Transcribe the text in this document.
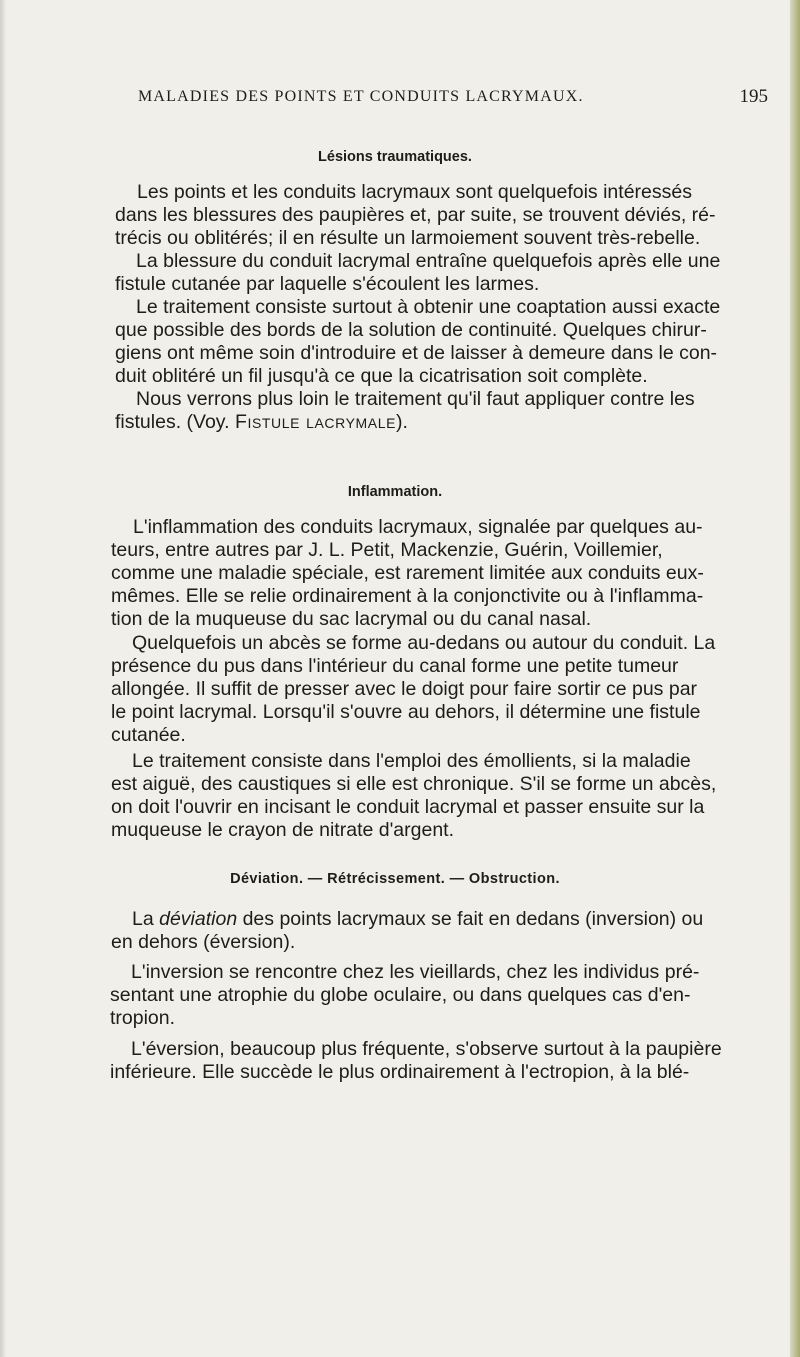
MALADIES DES POINTS ET CONDUITS LACRYMAUX.	195
Lésions traumatiques.
Les points et les conduits lacrymaux sont quelquefois intéressés
dans les blessures des paupières et, par suite, se trouvent déviés, ré-
trécis ou oblitérés; il en résulte un larmoiement souvent très-rebelle.
La blessure du conduit lacrymal entraîne quelquefois après elle une
fistule cutanée par laquelle s'écoulent les larmes.
Le traitement consiste surtout à obtenir une coaptation aussi exacte
que possible des bords de la solution de continuité. Quelques chirur-
giens ont même soin d'introduire et de laisser à demeure dans le con-
duit oblitéré un fil jusqu'à ce que la cicatrisation soit complète.
Nous verrons plus loin le traitement qu'il faut appliquer contre les
fistules. (Voy. Fistule lacrymale).
Inflammation.
L'inflammation des conduits lacrymaux, signalée par quelques au-
teurs, entre autres par J. L. Petit, Mackenzie, Guérin, Voillemier,
comme une maladie spéciale, est rarement limitée aux conduits eux-
mêmes. Elle se relie ordinairement à la conjonctivite ou à l'inflamma-
tion de la muqueuse du sac lacrymal ou du canal nasal.
Quelquefois un abcès se forme au-dedans ou autour du conduit. La
présence du pus dans l'intérieur du canal forme une petite tumeur
allongée. Il suffit de presser avec le doigt pour faire sortir ce pus par
le point lacrymal. Lorsqu'il s'ouvre au dehors, il détermine une fistule
cutanée.
Le traitement consiste dans l'emploi des émollients, si la maladie
est aiguë, des caustiques si elle est chronique. S'il se forme un abcès,
on doit l'ouvrir en incisant le conduit lacrymal et passer ensuite sur la
muqueuse le crayon de nitrate d'argent.
Déviation. — Rétrécissement. — Obstruction.
La déviation des points lacrymaux se fait en dedans (inversion) ou
en dehors (éversion).
L'inversion se rencontre chez les vieillards, chez les individus pré-
sentant une atrophie du globe oculaire, ou dans quelques cas d'en-
tropion.
L'éversion, beaucoup plus fréquente, s'observe surtout à la paupière
inférieure. Elle succède le plus ordinairement à l'ectropion, à la blé-
